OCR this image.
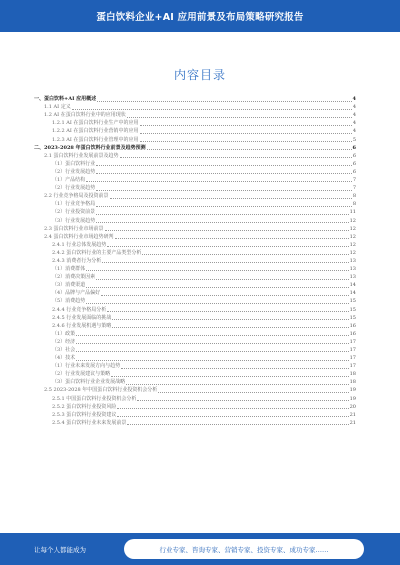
蛋白饮料企业+AI 应用前景及布局策略研究报告
内容目录
一、蛋白饮料+AI 应用概述	4
1.1 AI 定义	4
1.2 AI 在蛋白饮料行业中的应用现状	4
1.2.1 AI 在蛋白饮料行业生产中的应用	4
1.2.2 AI 在蛋白饮料行业营销中的应用	4
1.2.3 AI 在蛋白饮料行业管理中的应用	5
二、2023-2028 年蛋白饮料行业前景及趋势预测	6
2.1 蛋白饮料行业发展前景及趋势	6
（1）蛋白饮料行业	6
（2）行业发展趋势	6
（1）产品结构	7
（2）行业发展趋势	7
2.2 行业竞争格局及投资前景	8
（1）行业竞争格局	8
（2）行业投资前景	11
（3）行业发展趋势	12
2.3 蛋白饮料行业市场前景	12
2.4 蛋白饮料行业市场趋势研判	12
2.4.1 行业总体发展趋势	12
2.4.2 蛋白饮料行业的主要产品类型分析	12
2.4.3 消费者行为分析	13
（1）消费群体	13
（2）消费决策因素	13
（3）消费渠道	14
（4）品牌与产品偏好	14
（5）消费趋势	15
2.4.4 行业竞争格局分析	15
2.4.5 行业发展面临的挑战	15
2.4.6 行业发展机遇与策略	16
（1）政策	16
（2）经济	17
（3）社会	17
（4）技术	17
（1）行业未来发展方向与趋势	17
（2）行业发展建议与策略	18
（3）蛋白饮料行业企业发展战略	18
2.5 2023-2028 年中国蛋白饮料行业投资机会分析	19
2.5.1 中国蛋白饮料行业投资机会分析	19
2.5.2 蛋白饮料行业投资风险	20
2.5.3 蛋白饮料行业投资建议	21
2.5.4 蛋白饮料行业未来发展前景	21
让每个人都能成为	行业专家、咨询专家、营销专家、投资专家、成功专家……
